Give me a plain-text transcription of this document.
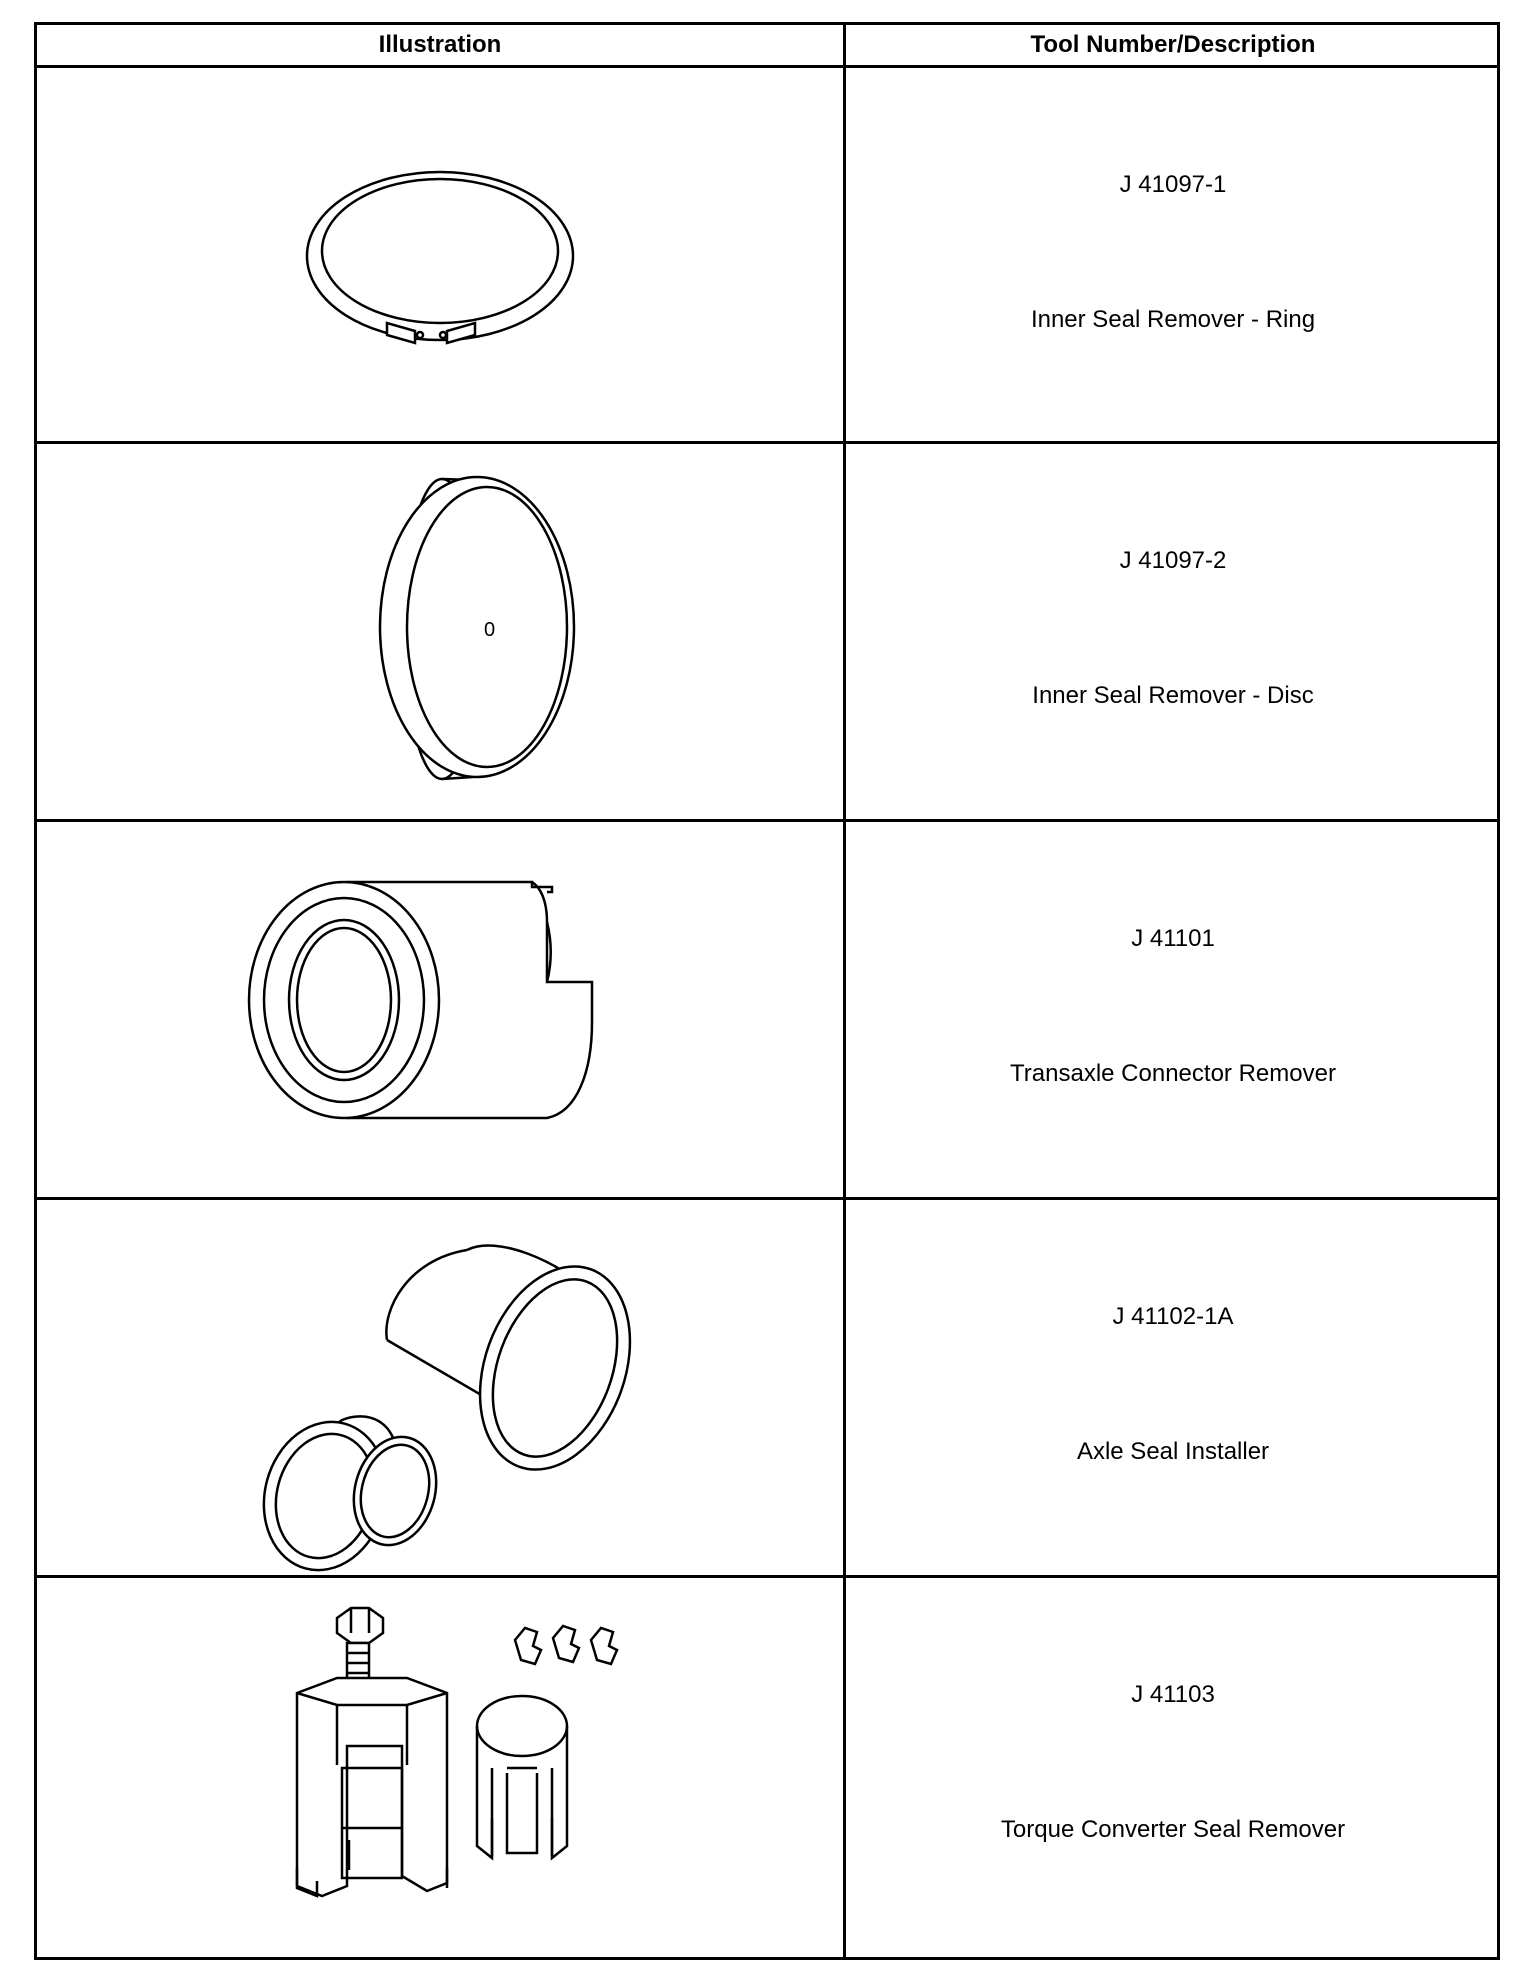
Illustration	Tool Number/Description
J 41097-1
Inner Seal Remover - Ring
0
J 41097-2
Inner Seal Remover - Disc
J 41101
Transaxle Connector Remover
J 41102-1A
Axle Seal Installer
J 41103
Torque Converter Seal Remover
